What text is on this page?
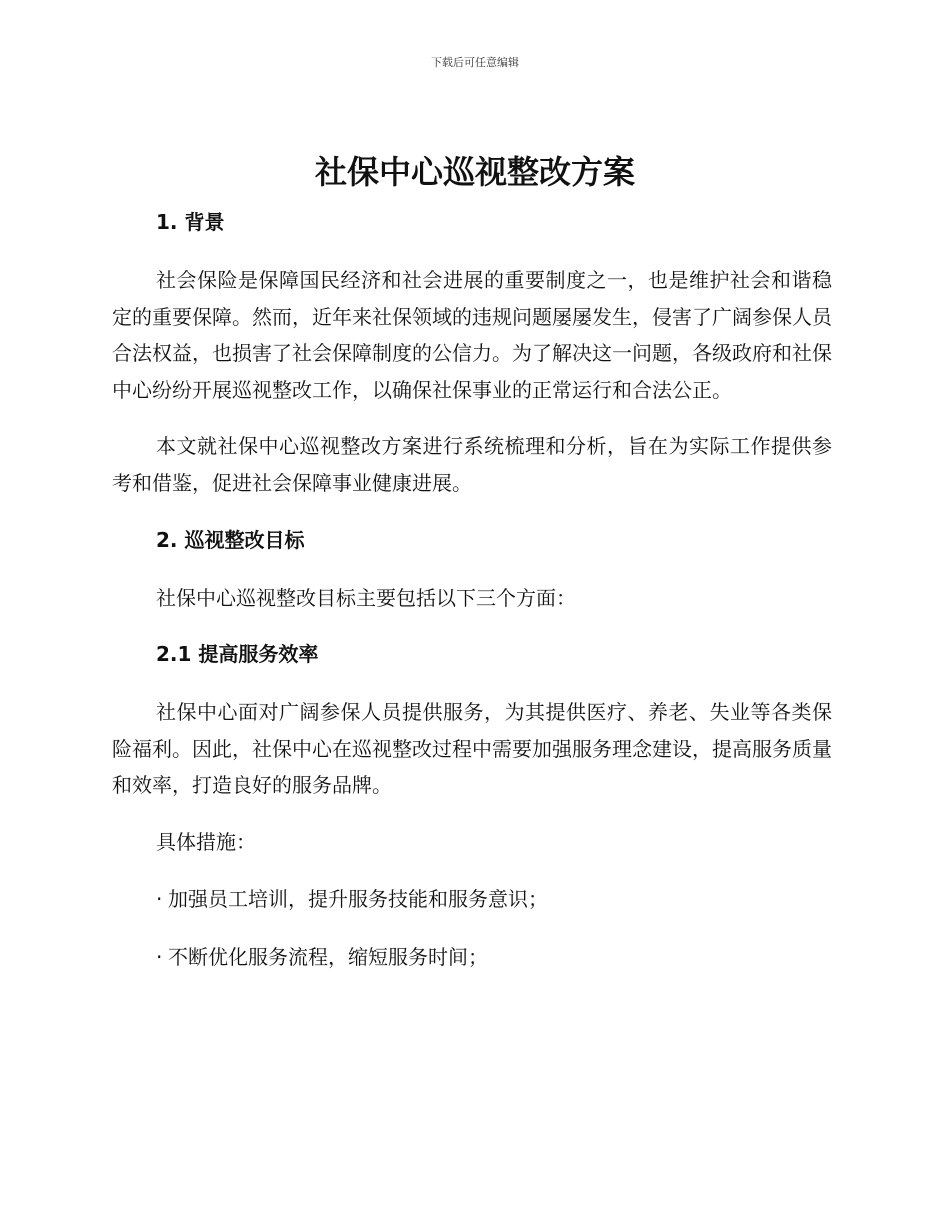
下载后可任意编辑
社保中心巡视整改方案
1. 背景

社会保险是保障国民经济和社会进展的重要制度之一，也是维护社会和谐稳定的重要保障。然而，近年来社保领域的违规问题屡屡发生，侵害了广阔参保人员合法权益，也损害了社会保障制度的公信力。为了解决这一问题，各级政府和社保中心纷纷开展巡视整改工作，以确保社保事业的正常运行和合法公正。

本文就社保中心巡视整改方案进行系统梳理和分析，旨在为实际工作提供参考和借鉴，促进社会保障事业健康进展。

2. 巡视整改目标

社保中心巡视整改目标主要包括以下三个方面：

2.1 提高服务效率

社保中心面对广阔参保人员提供服务，为其提供医疗、养老、失业等各类保险福利。因此，社保中心在巡视整改过程中需要加强服务理念建设，提高服务质量和效率，打造良好的服务品牌。

具体措施：

· 加强员工培训，提升服务技能和服务意识；
· 不断优化服务流程，缩短服务时间；
